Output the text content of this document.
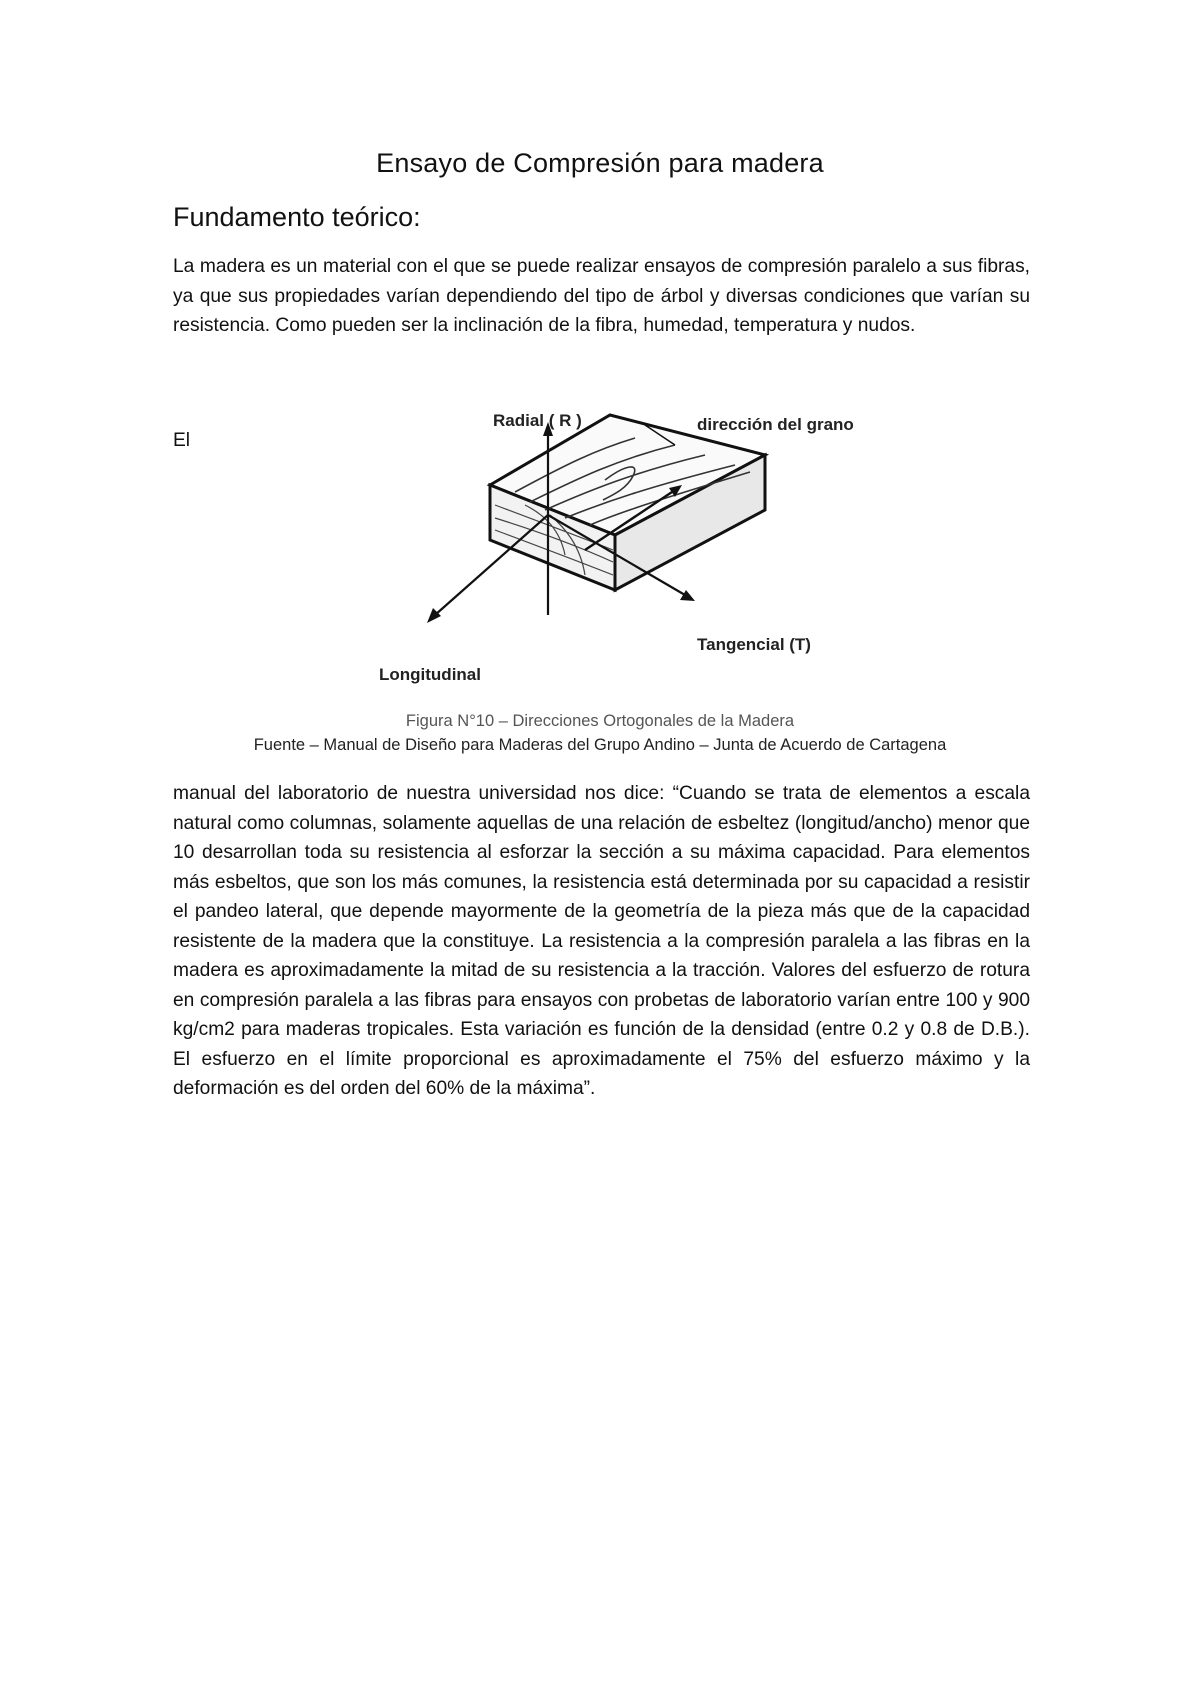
Ensayo de Compresión para madera
Fundamento teórico:
La madera es un material con el que se puede realizar ensayos de compresión paralelo a sus fibras, ya que sus propiedades varían dependiendo del tipo de árbol y diversas condiciones que varían su resistencia. Como pueden ser la inclinación de la fibra, humedad, temperatura y nudos.
El
Radial ( R )	dirección del grano
Tangencial (T)
Longitudinal
Figura N°10 – Direcciones Ortogonales de la Madera
Fuente – Manual de Diseño para Maderas del Grupo Andino – Junta de Acuerdo de Cartagena
manual del laboratorio de nuestra universidad nos dice: “Cuando se trata de elementos a escala natural como columnas, solamente aquellas de una relación de esbeltez (longitud/ancho) menor que 10 desarrollan toda su resistencia al esforzar la sección a su máxima capacidad. Para elementos más esbeltos, que son los más comunes, la resistencia está determinada por su capacidad a resistir el pandeo lateral, que depende mayormente de la geometría de la pieza más que de la capacidad resistente de la madera que la constituye. La resistencia a la compresión paralela a las fibras en la madera es aproximadamente la mitad de su resistencia a la tracción. Valores del esfuerzo de rotura en compresión paralela a las fibras para ensayos con probetas de laboratorio varían entre 100 y 900 kg/cm2 para maderas tropicales. Esta variación es función de la densidad (entre 0.2 y 0.8 de D.B.). El esfuerzo en el límite proporcional es aproximadamente el 75% del esfuerzo máximo y la deformación es del orden del 60% de la máxima”.
